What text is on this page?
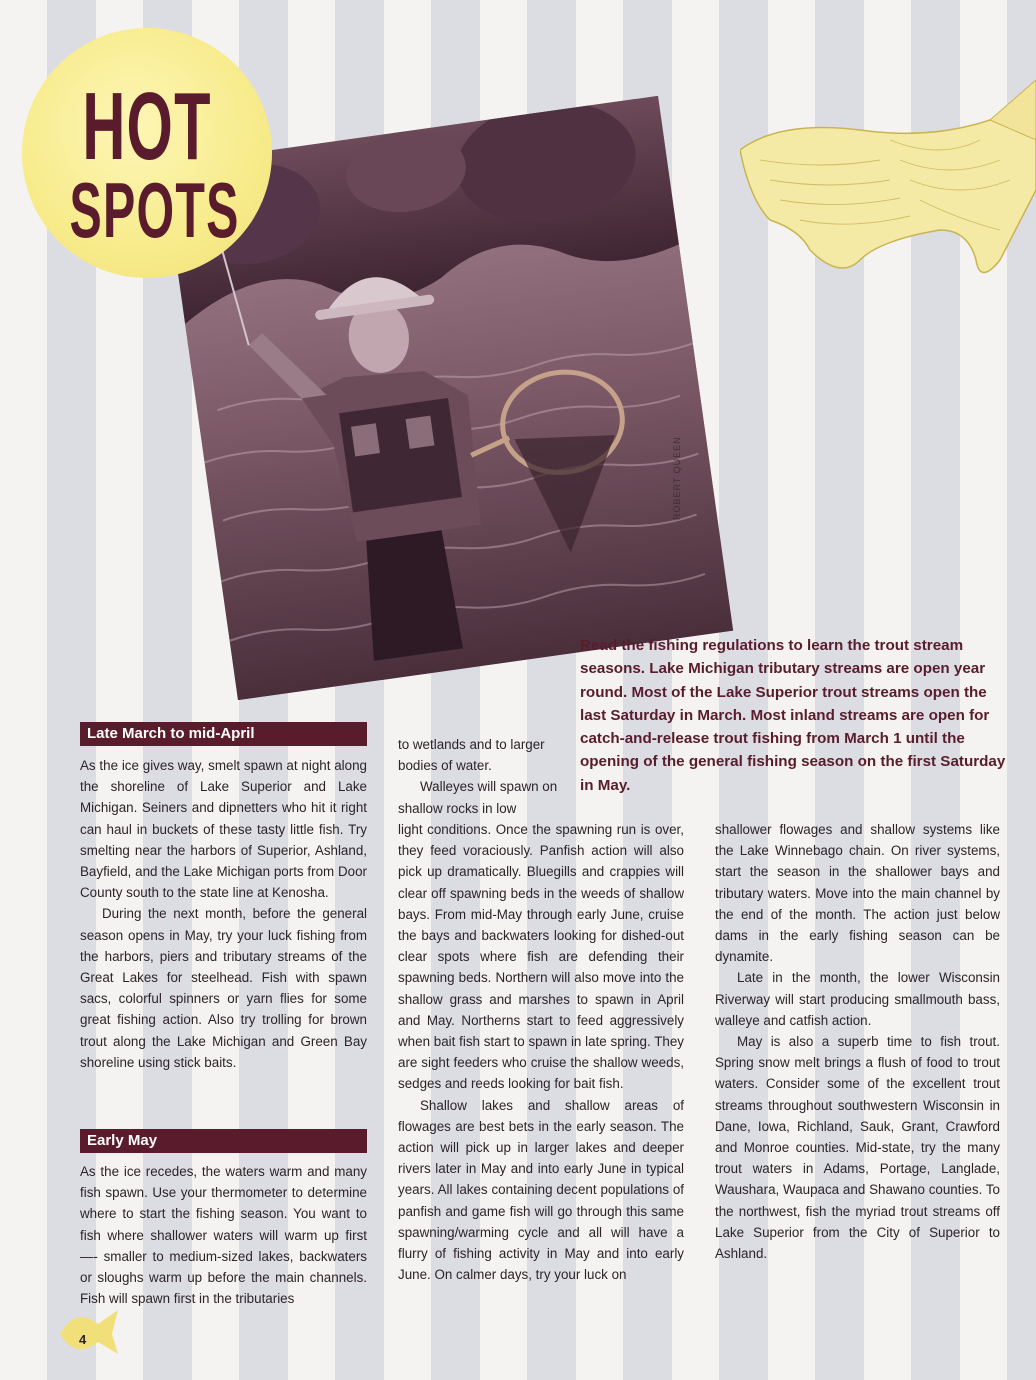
ROBERT QUEEN
HOT
SPOTS

Read the fishing regulations to learn the trout stream seasons. Lake Michigan tributary streams are open year round. Most of the Lake Superior trout streams open the last Saturday in March. Most inland streams are open for catch-and-release trout fishing from March 1 until the opening of the general fishing season on the first Saturday in May.

Late March to mid-April

As the ice gives way, smelt spawn at night along the shoreline of Lake Superior and Lake Michigan. Seiners and dipnetters who hit it right can haul in buckets of these tasty little fish. Try smelting near the harbors of Superior, Ashland, Bayfield, and the Lake Michigan ports from Door County south to the state line at Kenosha.

During the next month, before the general season opens in May, try your luck fishing from the harbors, piers and tributary streams of the Great Lakes for steelhead. Fish with spawn sacs, colorful spinners or yarn flies for some great fishing action. Also try trolling for brown trout along the Lake Michigan and Green Bay shoreline using stick baits.

Early May

As the ice recedes, the waters warm and many fish spawn. Use your thermometer to determine where to start the fishing season. You want to fish where shallower waters will warm up first —- smaller to medium-sized lakes, backwaters or sloughs warm up before the main channels. Fish will spawn first in the tributaries

to wetlands and to larger bodies of water.

Walleyes will spawn on shallow rocks in low

light conditions. Once the spawning run is over, they feed voraciously. Panfish action will also pick up dramatically. Bluegills and crappies will clear off spawning beds in the weeds of shallow bays. From mid-May through early June, cruise the bays and backwaters looking for dished-out clear spots where fish are defending their spawning beds. Northern will also move into the shallow grass and marshes to spawn in April and May. Northerns start to feed aggressively when bait fish start to spawn in late spring. They are sight feeders who cruise the shallow weeds, sedges and reeds looking for bait fish.

Shallow lakes and shallow areas of flowages are best bets in the early season. The action will pick up in larger lakes and deeper rivers later in May and into early June in typical years. All lakes containing decent populations of panfish and game fish will go through this same spawning/warming cycle and all will have a flurry of fishing activity in May and into early June. On calmer days, try your luck on

shallower flowages and shallow systems like the Lake Winnebago chain. On river systems, start the season in the shallower bays and tributary waters. Move into the main channel by the end of the month. The action just below dams in the early fishing season can be dynamite.

Late in the month, the lower Wisconsin Riverway will start producing smallmouth bass, walleye and catfish action.

May is also a superb time to fish trout. Spring snow melt brings a flush of food to trout waters. Consider some of the excellent trout streams throughout southwestern Wisconsin in Dane, Iowa, Richland, Sauk, Grant, Crawford and Monroe counties. Mid-state, try the many trout waters in Adams, Portage, Langlade, Waushara, Waupaca and Shawano counties. To the northwest, fish the myriad trout streams off Lake Superior from the City of Superior to Ashland.

4
